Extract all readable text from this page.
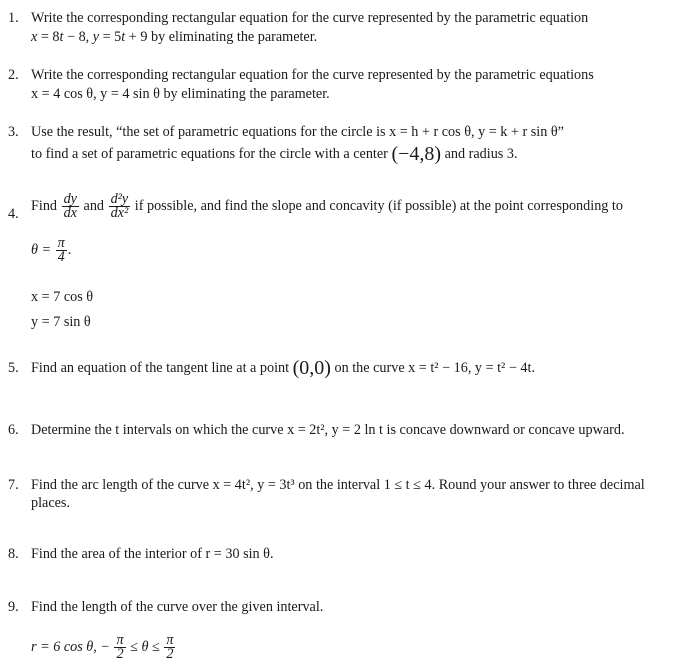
1. Write the corresponding rectangular equation for the curve represented by the parametric equation
x = 8t − 8, y = 5t + 9 by eliminating the parameter.
2. Write the corresponding rectangular equation for the curve represented by the parametric equations
x = 4 cos θ, y = 4 sin θ by eliminating the parameter.
3. Use the result, “the set of parametric equations for the circle is x = h + r cos θ, y = k + r sin θ”
to find a set of parametric equations for the circle with a center (−4,8) and radius 3.
4.
Find $\frac{dy}{dx}$ and $\frac{\text{d²y}}{\text{dx²}}$ if possible, and find the slope and concavity (if possible) at the point corresponding to
$\theta = \frac{\pi}{4}$ .
x = 7 cos θ
y = 7 sin θ
5. Find an equation of the tangent line at a point (0,0) on the curve x = t² − 16, y = t² − 4t.
6. Determine the t intervals on which the curve x = 2t², y = 2 ln t is concave downward or concave upward.
7. Find the arc length of the curve x = 4t², y = 3t³ on the interval 1 ≤ t ≤ 4. Round your answer to three decimal
places.
8. Find the area of the interior of r = 30 sin θ.
9. Find the length of the curve over the given interval.
r = 6 cos θ, − $\frac{\pi}{2} \le \theta \le \frac{\pi}{2}$
